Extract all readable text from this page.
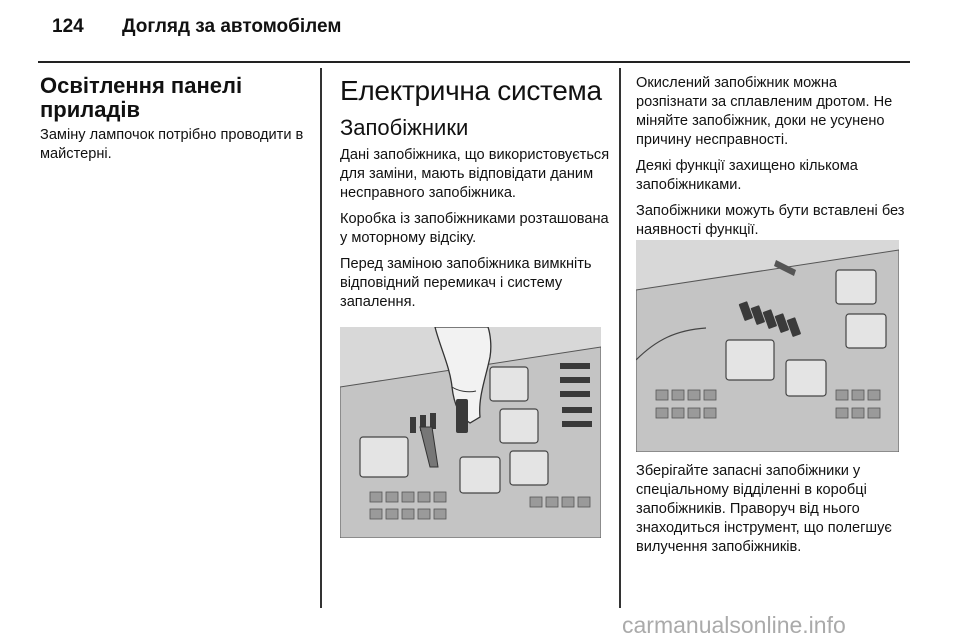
124 Догляд за автомобілем
Освітлення панелі приладів

Заміну лампочок потрібно проводити в майстерні.

Електрична система
Запобіжники

Дані запобіжника, що використовується для заміни, мають відповідати даним несправного запобіжника.

Коробка із запобіжниками розташована у моторному відсіку.

Перед заміною запобіжника вимкніть відповідний перемикач і систему запалення.

Окислений запобіжник можна розпізнати за сплавленим дротом. Не міняйте запобіжник, доки не усунено причину несправності.

Деякі функції захищено кількома запобіжниками.

Запобіжники можуть бути вставлені без наявності функції.

Зберігайте запасні запобіжники у спеціальному відділенні в коробці запобіжників. Праворуч від нього знаходиться інструмент, що полегшує вилучення запобіжників.

carmanualsonline.info
